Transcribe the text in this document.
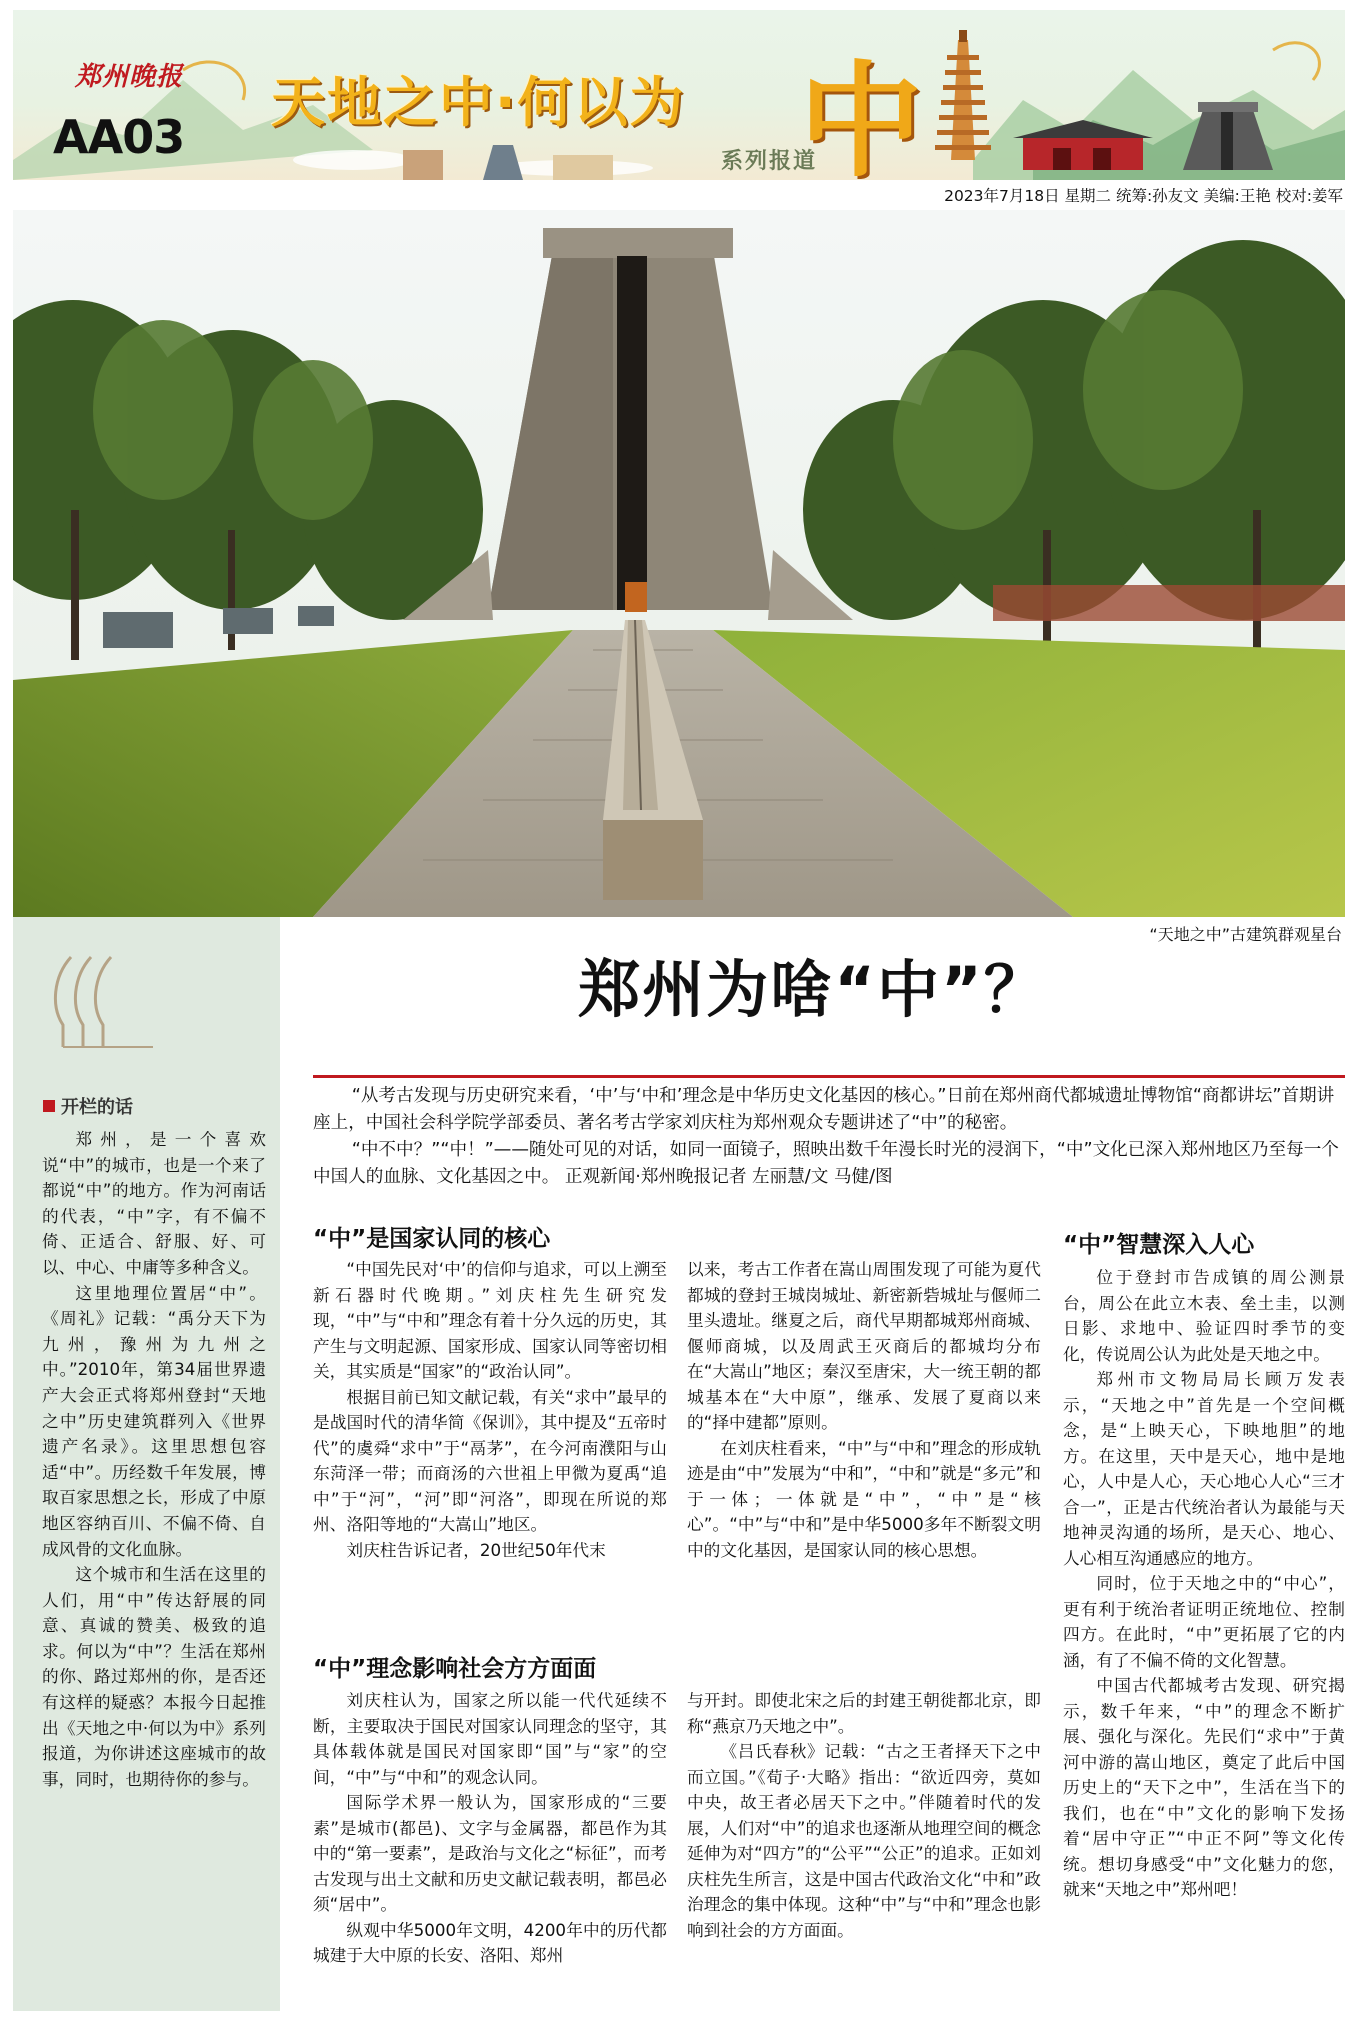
郑州晚报
AA03
天地之中·何以为 中
系列报道
2023年7月18日 星期二 统筹:孙友文 美编:王艳 校对:姜军
“天地之中”古建筑群观星台
开栏的话

郑州，是一个喜欢说“中”的城市，也是一个来了都说“中”的地方。作为河南话的代表，“中”字，有不偏不倚、正适合、舒服、好、可以、中心、中庸等多种含义。

这里地理位置居“中”。《周礼》记载：“禹分天下为九州，豫州为九州之中。”2010年，第34届世界遗产大会正式将郑州登封“天地之中”历史建筑群列入《世界遗产名录》。这里思想包容适“中”。历经数千年发展，博取百家思想之长，形成了中原地区容纳百川、不偏不倚、自成风骨的文化血脉。

这个城市和生活在这里的人们，用“中”传达舒展的同意、真诚的赞美、极致的追求。何以为“中”？生活在郑州的你、路过郑州的你，是否还有这样的疑惑？本报今日起推出《天地之中·何以为中》系列报道，为你讲述这座城市的故事，同时，也期待你的参与。

郑州为啥“中”？

“从考古发现与历史研究来看，‘中’与‘中和’理念是中华历史文化基因的核心。”日前在郑州商代都城遗址博物馆“商都讲坛”首期讲座上，中国社会科学院学部委员、著名考古学家刘庆柱为郑州观众专题讲述了“中”的秘密。

“中不中？”“中！”——随处可见的对话，如同一面镜子，照映出数千年漫长时光的浸润下，“中”文化已深入郑州地区乃至每一个中国人的血脉、文化基因之中。 正观新闻·郑州晚报记者 左丽慧/文 马健/图

“中”是国家认同的核心

“中国先民对‘中’的信仰与追求，可以上溯至新石器时代晚期。”刘庆柱先生研究发现，“中”与“中和”理念有着十分久远的历史，其产生与文明起源、国家形成、国家认同等密切相关，其实质是“国家”的“政治认同”。

根据目前已知文献记载，有关“求中”最早的是战国时代的清华简《保训》，其中提及“五帝时代”的虞舜“求中”于“鬲茅”，在今河南濮阳与山东菏泽一带；而商汤的六世祖上甲微为夏禹“追中”于“河”，“河”即“河洛”，即现在所说的郑州、洛阳等地的“大嵩山”地区。

刘庆柱告诉记者，20世纪50年代末

以来，考古工作者在嵩山周围发现了可能为夏代都城的登封王城岗城址、新密新砦城址与偃师二里头遗址。继夏之后，商代早期都城郑州商城、偃师商城，以及周武王灭商后的都城均分布在“大嵩山”地区；秦汉至唐宋，大一统王朝的都城基本在“大中原”，继承、发展了夏商以来的“择中建都”原则。

在刘庆柱看来，“中”与“中和”理念的形成轨迹是由“中”发展为“中和”，“中和”就是“多元”和于一体；一体就是“中”，“中”是“核心”。“中”与“中和”是中华5000多年不断裂文明中的文化基因，是国家认同的核心思想。

“中”理念影响社会方方面面

刘庆柱认为，国家之所以能一代代延续不断，主要取决于国民对国家认同理念的坚守，其具体载体就是国民对国家即“国”与“家”的空间，“中”与“中和”的观念认同。

国际学术界一般认为，国家形成的“三要素”是城市(都邑)、文字与金属器，都邑作为其中的“第一要素”，是政治与文化之“标征”，而考古发现与出土文献和历史文献记载表明，都邑必须“居中”。

纵观中华5000年文明，4200年中的历代都城建于大中原的长安、洛阳、郑州

与开封。即使北宋之后的封建王朝徙都北京，即称“燕京乃天地之中”。

《吕氏春秋》记载：“古之王者择天下之中而立国。”《荀子·大略》指出：“欲近四旁，莫如中央，故王者必居天下之中。”伴随着时代的发展，人们对“中”的追求也逐渐从地理空间的概念延伸为对“四方”的“公平”“公正”的追求。正如刘庆柱先生所言，这是中国古代政治文化“中和”政治理念的集中体现。这种“中”与“中和”理念也影响到社会的方方面面。

“中”智慧深入人心

位于登封市告成镇的周公测景台，周公在此立木表、垒土圭，以测日影、求地中、验证四时季节的变化，传说周公认为此处是天地之中。

郑州市文物局局长顾万发表示，“天地之中”首先是一个空间概念，是“上映天心，下映地胆”的地方。在这里，天中是天心，地中是地心，人中是人心，天心地心人心“三才合一”，正是古代统治者认为最能与天地神灵沟通的场所，是天心、地心、人心相互沟通感应的地方。

同时，位于天地之中的“中心”，更有利于统治者证明正统地位、控制四方。在此时，“中”更拓展了它的内涵，有了不偏不倚的文化智慧。

中国古代都城考古发现、研究揭示，数千年来，“中”的理念不断扩展、强化与深化。先民们“求中”于黄河中游的嵩山地区，奠定了此后中国历史上的“天下之中”，生活在当下的我们，也在“中”文化的影响下发扬着“居中守正”“中正不阿”等文化传统。想切身感受“中”文化魅力的您，就来“天地之中”郑州吧！
